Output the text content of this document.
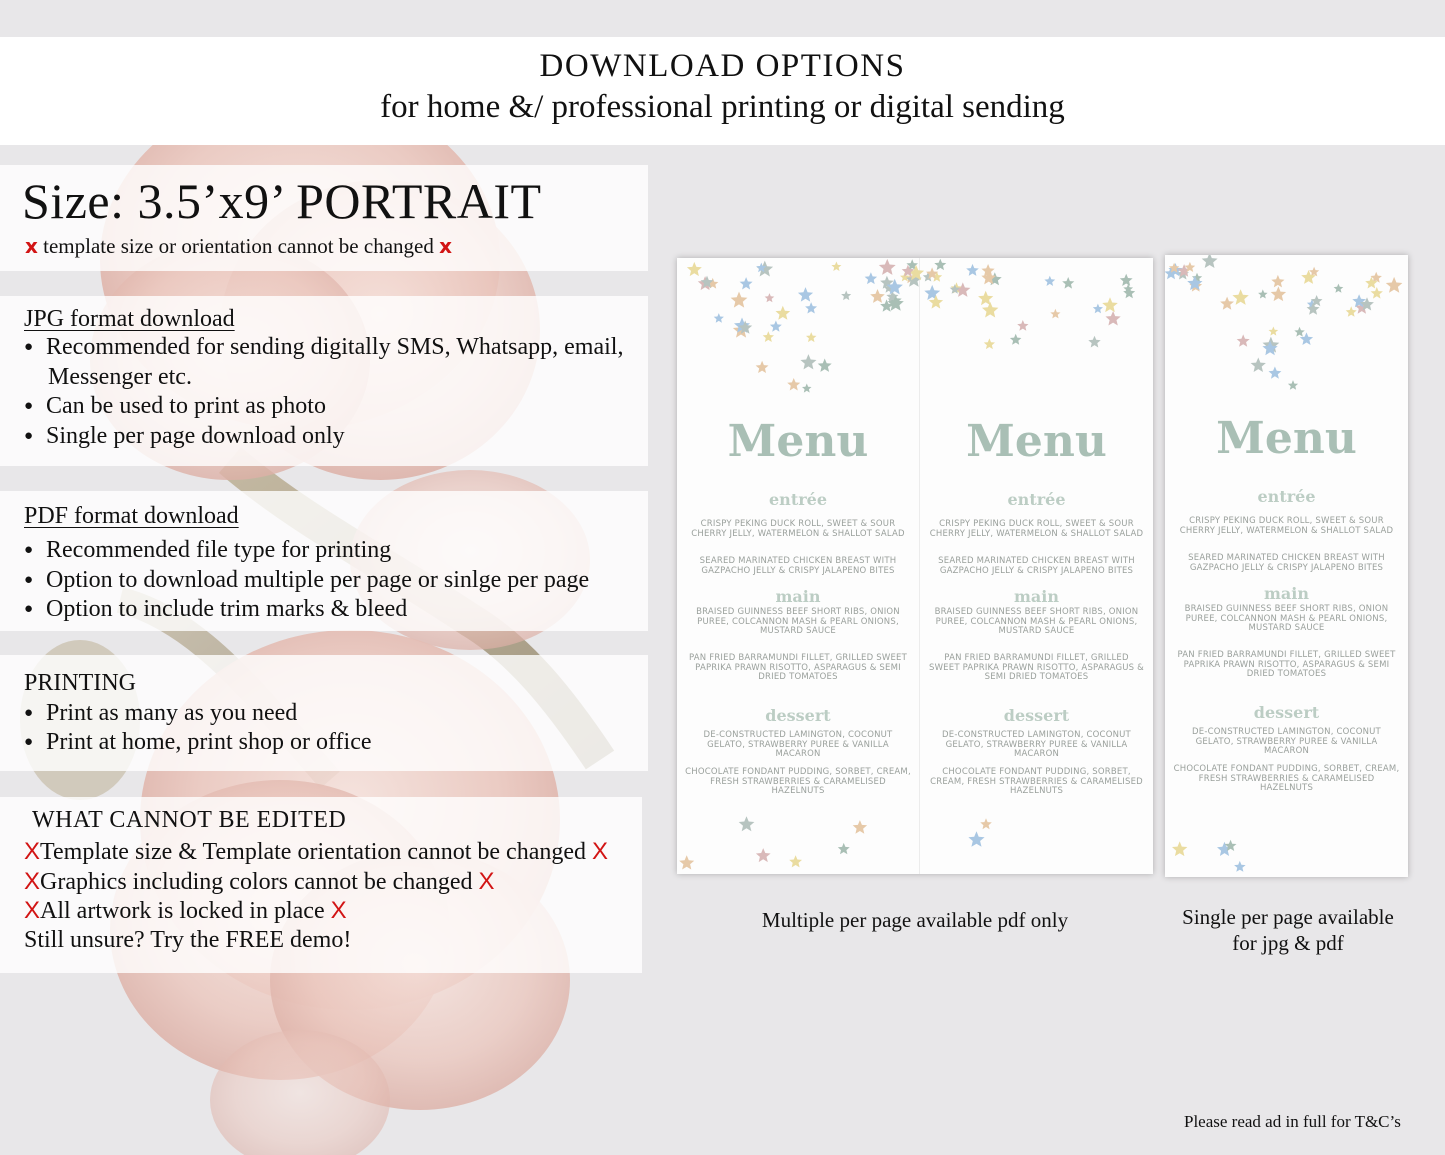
DOWNLOAD OPTIONS
for home &/ professional printing or digital sending
Size: 3.5’x9’ PORTRAIT
x template size or orientation cannot be changed x
JPG format download
● Recommended for sending digitally SMS, Whatsapp, email,
Messenger etc.
● Can be used to print as photo
● Single per page download only
PDF format download
● Recommended file type for printing
● Option to download multiple per page or sinlge per page
● Option to include trim marks & bleed
PRINTING
● Print as many as you need
● Print at home, print shop or office
WHAT CANNOT BE EDITED
XTemplate size & Template orientation cannot be changed X
XGraphics including colors cannot be changed X
XAll artwork is locked in place X
Still unsure? Try the FREE demo!
Menu
entrée
CRISPY PEKING DUCK ROLL, SWEET & SOUR CHERRY JELLY, WATERMELON & SHALLOT SALAD
SEARED MARINATED CHICKEN BREAST WITH GAZPACHO JELLY & CRISPY JALAPENO BITES
main
BRAISED GUINNESS BEEF SHORT RIBS, ONION PUREE, COLCANNON MASH & PEARL ONIONS, MUSTARD SAUCE
PAN FRIED BARRAMUNDI FILLET, GRILLED SWEET PAPRIKA PRAWN RISOTTO, ASPARAGUS & SEMI DRIED TOMATOES
dessert
DE-CONSTRUCTED LAMINGTON, COCONUT GELATO, STRAWBERRY PUREE & VANILLA MACARON
CHOCOLATE FONDANT PUDDING, SORBET, CREAM, FRESH STRAWBERRIES & CARAMELISED HAZELNUTS
Menu
entrée
CRISPY PEKING DUCK ROLL, SWEET & SOUR CHERRY JELLY, WATERMELON & SHALLOT SALAD
SEARED MARINATED CHICKEN BREAST WITH GAZPACHO JELLY & CRISPY JALAPENO BITES
main
BRAISED GUINNESS BEEF SHORT RIBS, ONION PUREE, COLCANNON MASH & PEARL ONIONS, MUSTARD SAUCE
PAN FRIED BARRAMUNDI FILLET, GRILLED SWEET PAPRIKA PRAWN RISOTTO, ASPARAGUS & SEMI DRIED TOMATOES
dessert
DE-CONSTRUCTED LAMINGTON, COCONUT GELATO, STRAWBERRY PUREE & VANILLA MACARON
CHOCOLATE FONDANT PUDDING, SORBET, CREAM, FRESH STRAWBERRIES & CARAMELISED HAZELNUTS
Menu
entrée
CRISPY PEKING DUCK ROLL, SWEET & SOUR CHERRY JELLY, WATERMELON & SHALLOT SALAD
SEARED MARINATED CHICKEN BREAST WITH GAZPACHO JELLY & CRISPY JALAPENO BITES
main
BRAISED GUINNESS BEEF SHORT RIBS, ONION PUREE, COLCANNON MASH & PEARL ONIONS, MUSTARD SAUCE
PAN FRIED BARRAMUNDI FILLET, GRILLED SWEET PAPRIKA PRAWN RISOTTO, ASPARAGUS & SEMI DRIED TOMATOES
dessert
DE-CONSTRUCTED LAMINGTON, COCONUT GELATO, STRAWBERRY PUREE & VANILLA MACARON
CHOCOLATE FONDANT PUDDING, SORBET, CREAM, FRESH STRAWBERRIES & CARAMELISED HAZELNUTS
Multiple per page available pdf only	Single per page available
for jpg & pdf
Please read ad in full for T&C’s
